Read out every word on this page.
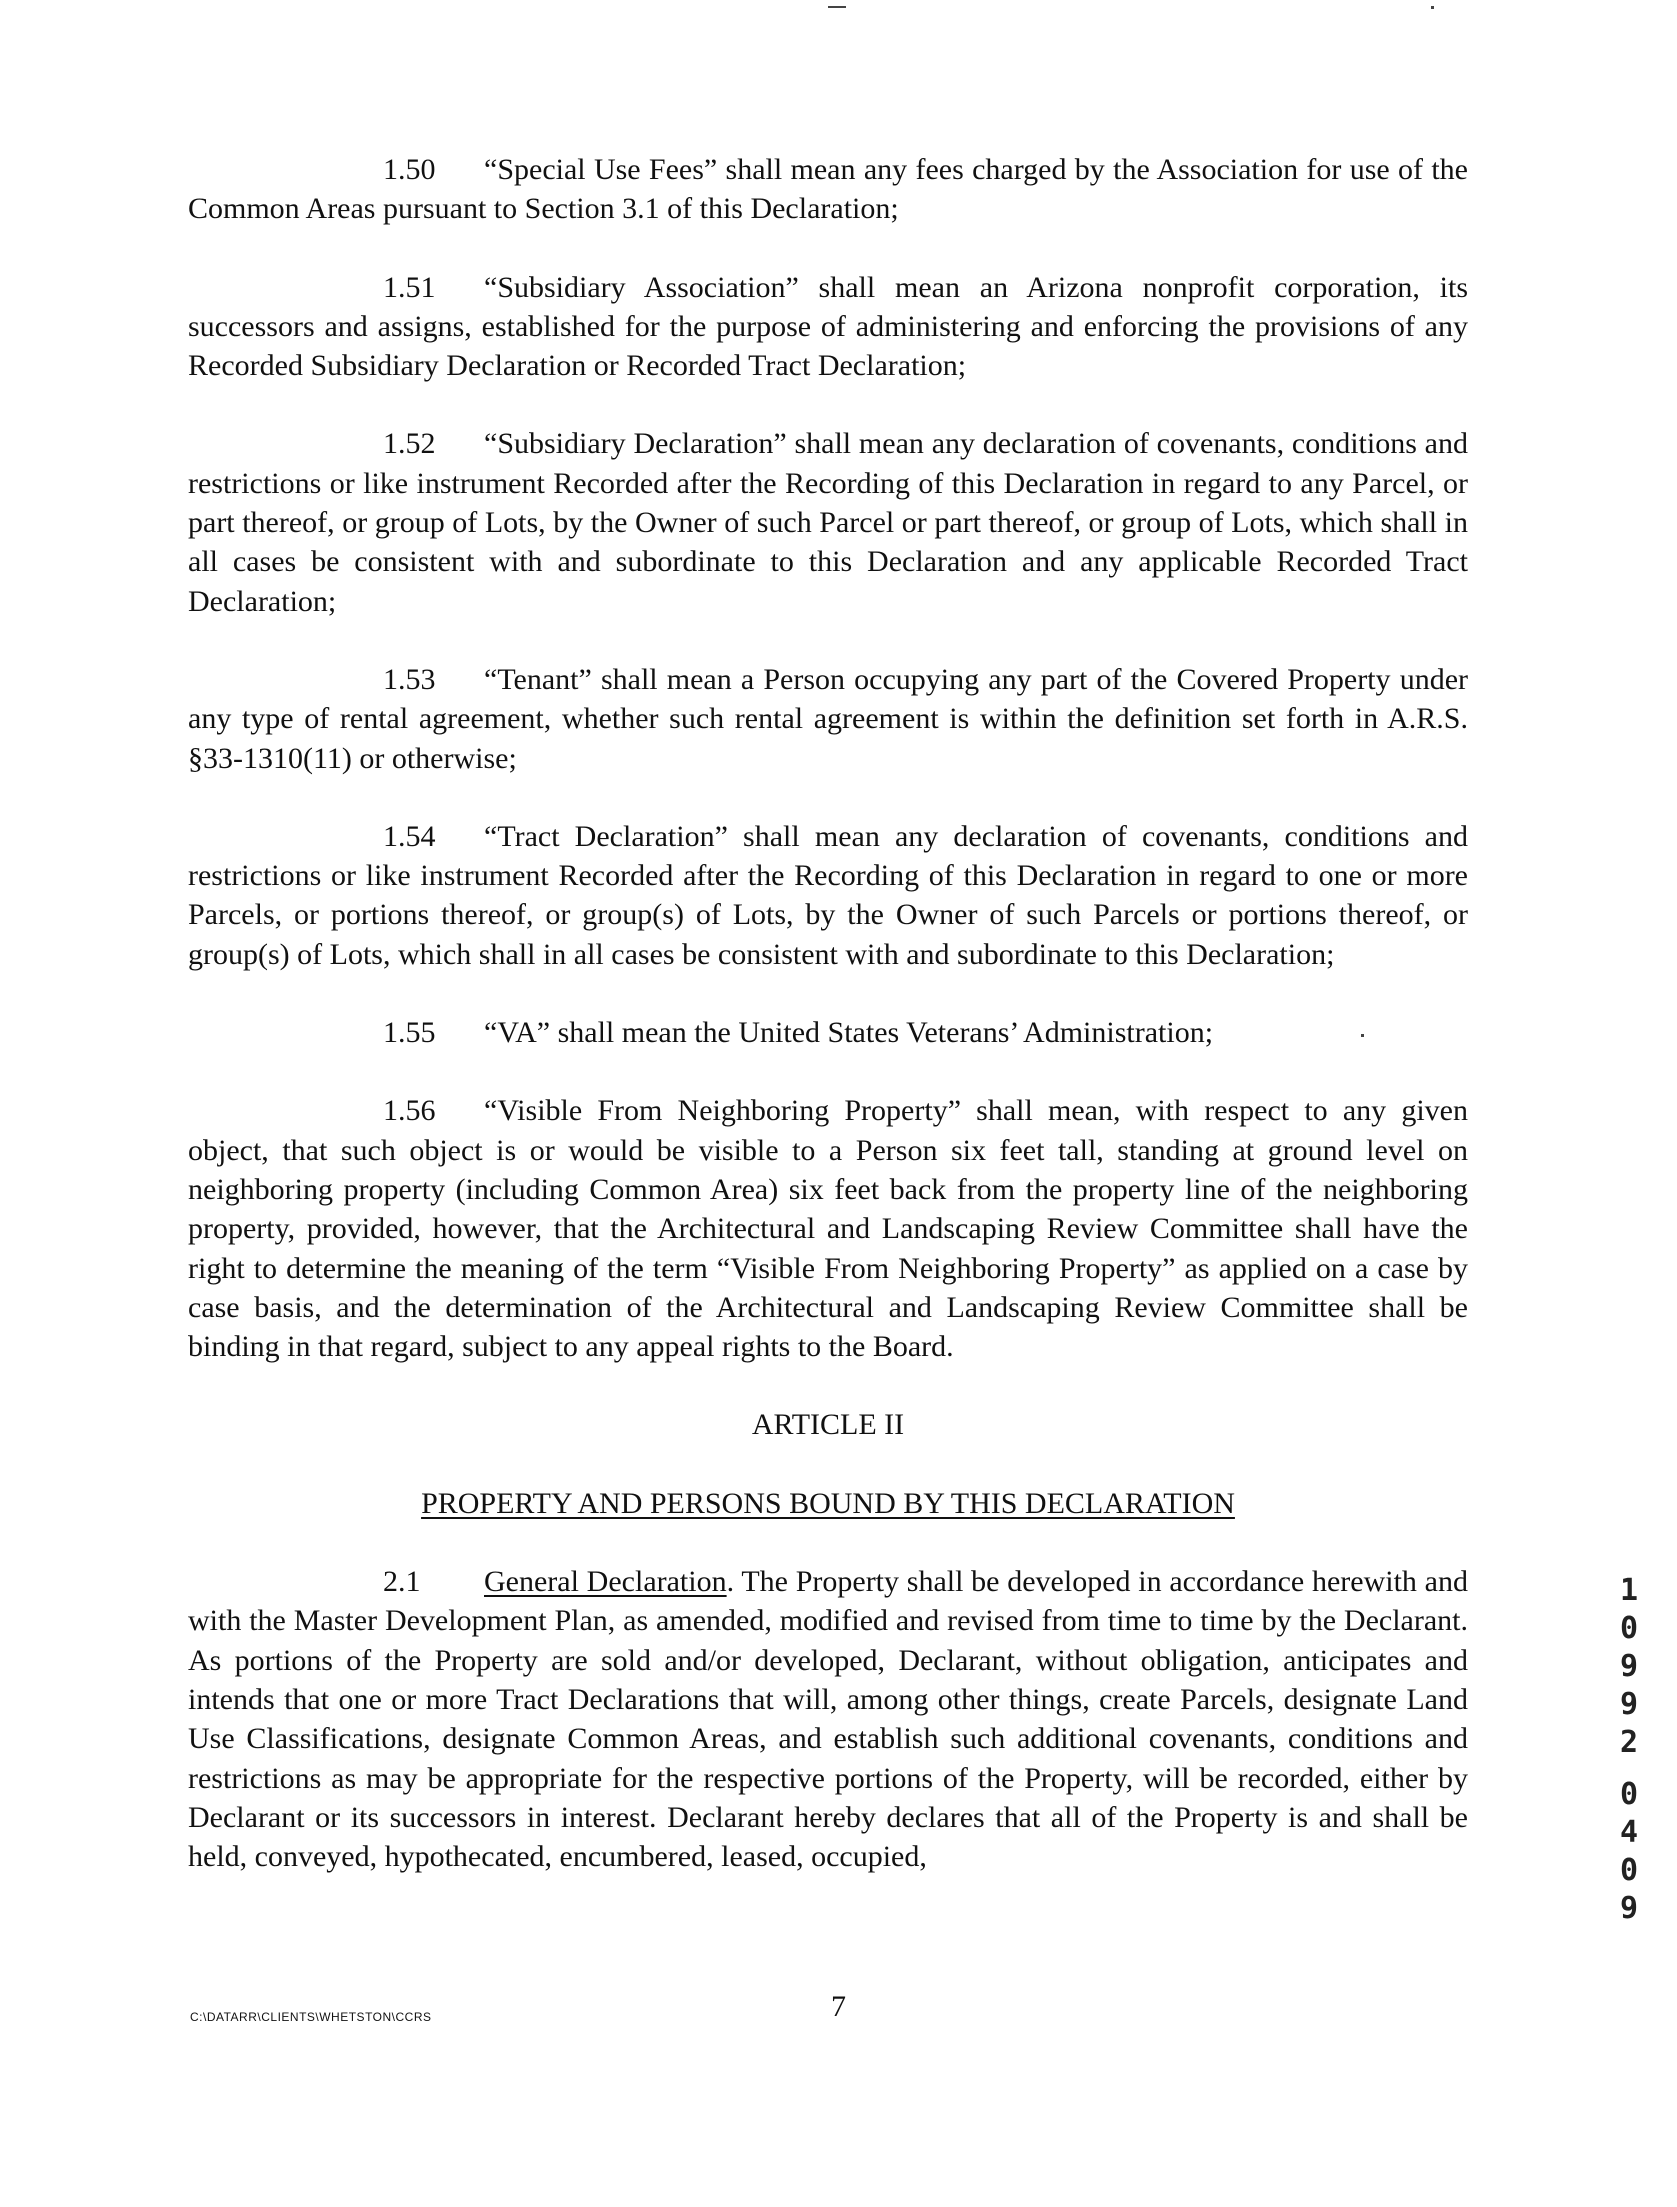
1.50 “Special Use Fees” shall mean any fees charged by the Association for use of the Common Areas pursuant to Section 3.1 of this Declaration;

1.51 “Subsidiary Association” shall mean an Arizona nonprofit corporation, its successors and assigns, established for the purpose of administering and enforcing the provisions of any Recorded Subsidiary Declaration or Recorded Tract Declaration;

1.52 “Subsidiary Declaration” shall mean any declaration of covenants, conditions and restrictions or like instrument Recorded after the Recording of this Declaration in regard to any Parcel, or part thereof, or group of Lots, by the Owner of such Parcel or part thereof, or group of Lots, which shall in all cases be consistent with and subordinate to this Declaration and any applicable Recorded Tract Declaration;

1.53 “Tenant” shall mean a Person occupying any part of the Covered Property under any type of rental agreement, whether such rental agreement is within the definition set forth in A.R.S. §33-1310(11) or otherwise;

1.54 “Tract Declaration” shall mean any declaration of covenants, conditions and restrictions or like instrument Recorded after the Recording of this Declaration in regard to one or more Parcels, or portions thereof, or group(s) of Lots, by the Owner of such Parcels or portions thereof, or group(s) of Lots, which shall in all cases be consistent with and subordinate to this Declaration;

1.55 “VA” shall mean the United States Veterans’ Administration;

1.56 “Visible From Neighboring Property” shall mean, with respect to any given object, that such object is or would be visible to a Person six feet tall, standing at ground level on neighboring property (including Common Area) six feet back from the property line of the neighboring property, provided, however, that the Architectural and Landscaping Review Committee shall have the right to determine the meaning of the term “Visible From Neighboring Property” as applied on a case by case basis, and the determination of the Architectural and Landscaping Review Committee shall be binding in that regard, subject to any appeal rights to the Board.

ARTICLE II

PROPERTY AND PERSONS BOUND BY THIS DECLARATION

2.1 General Declaration. The Property shall be developed in accordance herewith and with the Master Development Plan, as amended, modified and revised from time to time by the Declarant. As portions of the Property are sold and/or developed, Declarant, without obligation, anticipates and intends that one or more Tract Declarations that will, among other things, create Parcels, designate Land Use Classifications, designate Common Areas, and establish such additional covenants, conditions and restrictions as may be appropriate for the respective portions of the Property, will be recorded, either by Declarant or its successors in interest. Declarant hereby declares that all of the Property is and shall be held, conveyed, hypothecated, encumbered, leased, occupied,

7
C:\DATARR\CLIENTS\WHETSTON\CCRS
1
0
9
9
2
0
4
0
9
